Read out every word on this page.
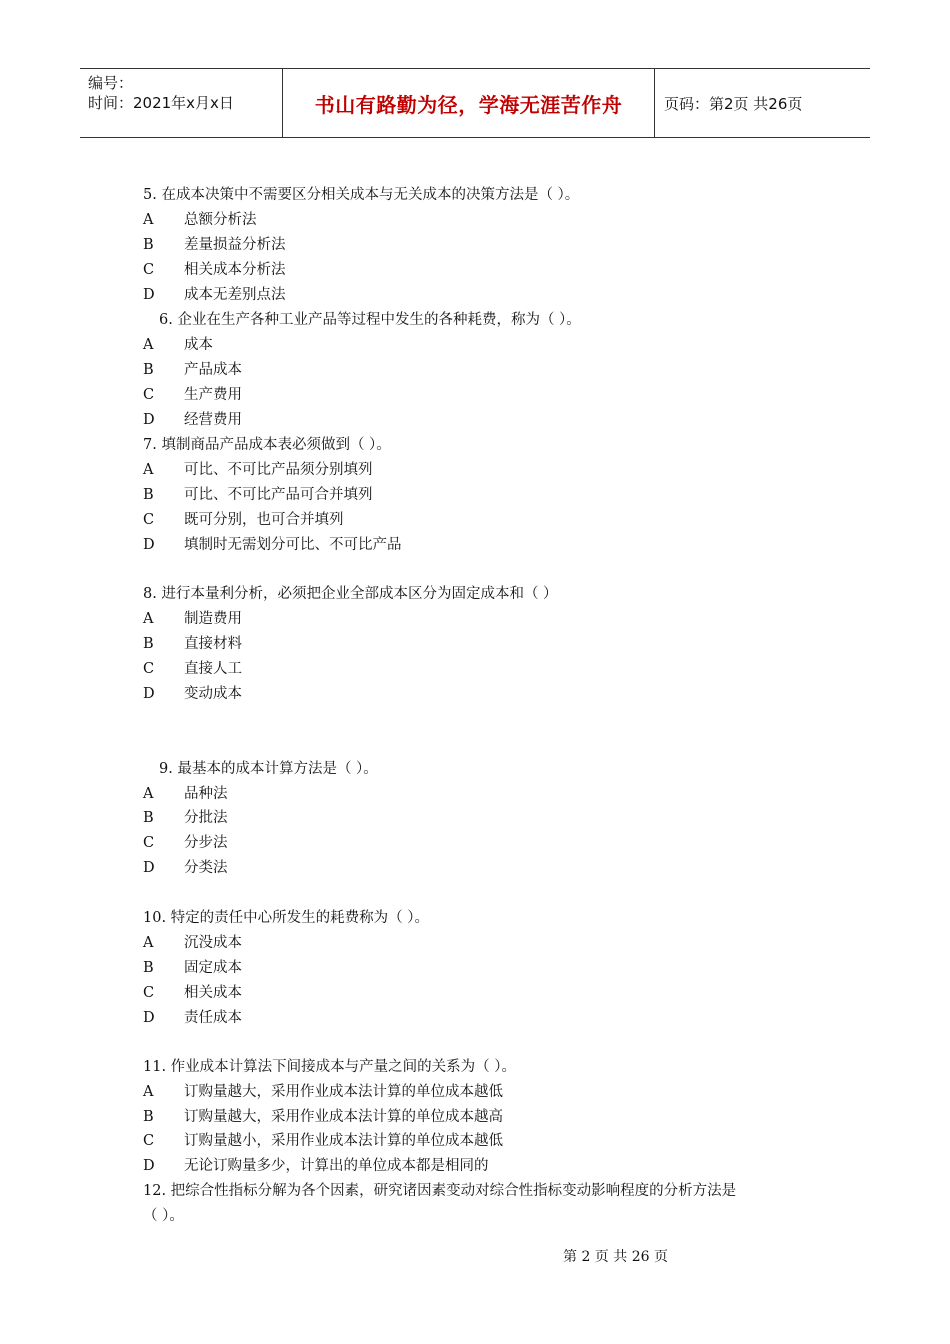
编号：
时间：2021年x月x日	书山有路勤为径，学海无涯苦作舟	页码：第2页 共26页
5. 在成本决策中不需要区分相关成本与无关成本的决策方法是（ ）。
A 总额分析法
B 差量损益分析法
C 相关成本分析法
D 成本无差别点法
6. 企业在生产各种工业产品等过程中发生的各种耗费，称为（ ）。
A 成本
B 产品成本
C 生产费用
D 经营费用
7. 填制商品产品成本表必须做到（ ）。
A 可比、不可比产品须分别填列
B 可比、不可比产品可合并填列
C 既可分别，也可合并填列
D 填制时无需划分可比、不可比产品
8. 进行本量利分析，必须把企业全部成本区分为固定成本和（ ）
A 制造费用
B 直接材料
C 直接人工
D 变动成本
9. 最基本的成本计算方法是（ ）。
A 品种法
B 分批法
C 分步法
D 分类法
10. 特定的责任中心所发生的耗费称为（ ）。
A 沉没成本
B 固定成本
C 相关成本
D 责任成本
11. 作业成本计算法下间接成本与产量之间的关系为（ ）。
A 订购量越大，采用作业成本法计算的单位成本越低
B 订购量越大，采用作业成本法计算的单位成本越高
C 订购量越小，采用作业成本法计算的单位成本越低
D 无论订购量多少，计算出的单位成本都是相同的
12. 把综合性指标分解为各个因素，研究诸因素变动对综合性指标变动影响程度的分析方法是
（ ）。
第 2 页 共 26 页
